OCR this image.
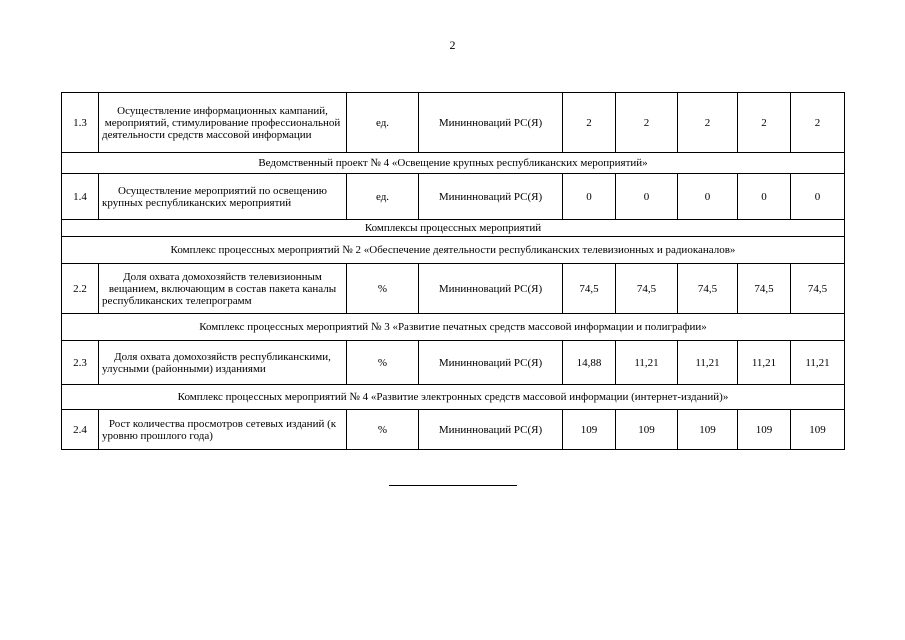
2
1.3	Осуществление информационных кампаний, мероприятий, стимулирование профессиональной деятельности средств массовой информации	ед.	Мининноваций РС(Я)	2	2	2	2	2
Ведомственный проект № 4 «Освещение крупных республиканских мероприятий»								
1.4	Осуществление мероприятий по освещению крупных республиканских мероприятий	ед.	Мининноваций РС(Я)	0	0	0	0	0
Комплексы процессных мероприятий								
Комплекс процессных мероприятий № 2 «Обеспечение деятельности республиканских телевизионных и радиоканалов»								
2.2	Доля охвата домохозяйств телевизионным вещанием, включающим в состав пакета каналы республиканских телепрограмм	%	Мининноваций РС(Я)	74,5	74,5	74,5	74,5	74,5
Комплекс процессных мероприятий № 3 «Развитие печатных средств массовой информации и полиграфии»								
2.3	Доля охвата домохозяйств республиканскими, улусными (районными) изданиями	%	Мининноваций РС(Я)	14,88	11,21	11,21	11,21	11,21
Комплекс процессных мероприятий № 4 «Развитие электронных средств массовой информации (интернет-изданий)»								
2.4	Рост количества просмотров сетевых изданий (к уровню прошлого года)	%	Мининноваций РС(Я)	109	109	109	109	109
